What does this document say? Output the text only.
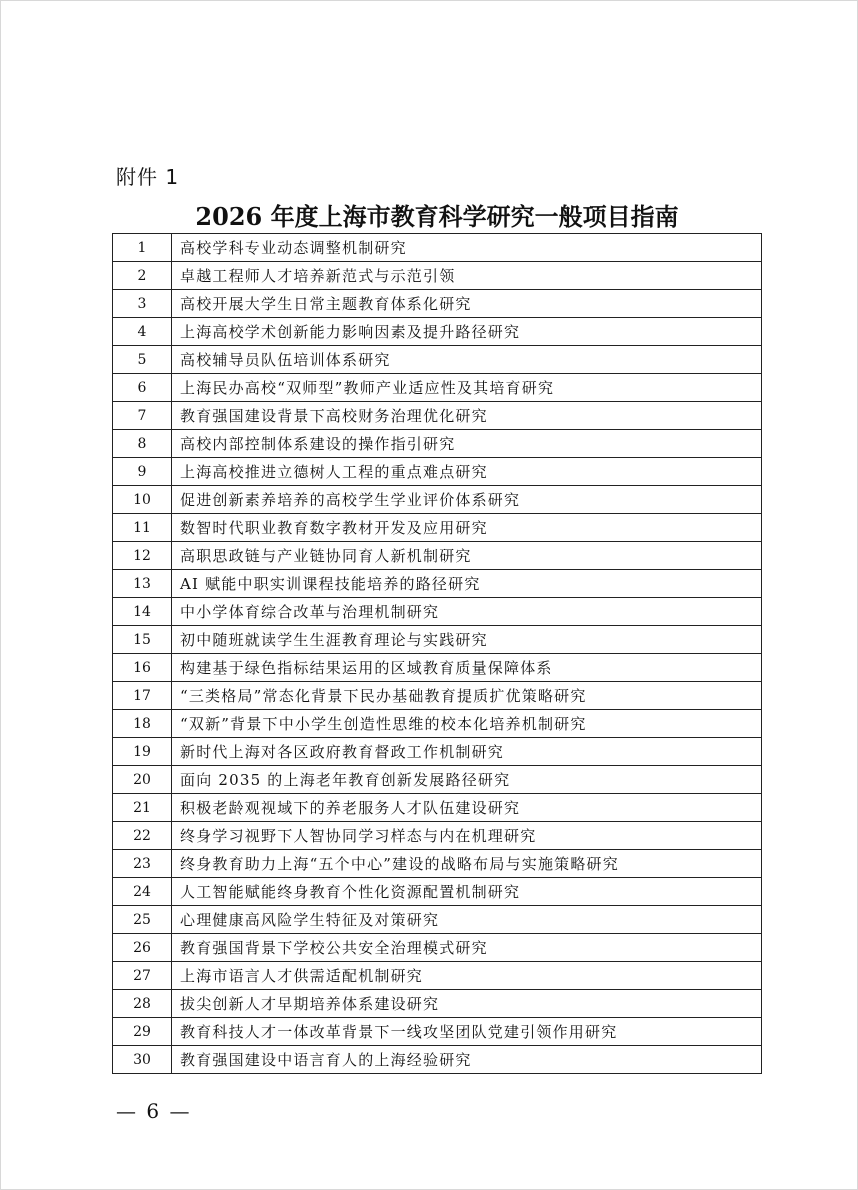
附件 1
2026 年度上海市教育科学研究一般项目指南
1	高校学科专业动态调整机制研究
2	卓越工程师人才培养新范式与示范引领
3	高校开展大学生日常主题教育体系化研究
4	上海高校学术创新能力影响因素及提升路径研究
5	高校辅导员队伍培训体系研究
6	上海民办高校“双师型”教师产业适应性及其培育研究
7	教育强国建设背景下高校财务治理优化研究
8	高校内部控制体系建设的操作指引研究
9	上海高校推进立德树人工程的重点难点研究
10	促进创新素养培养的高校学生学业评价体系研究
11	数智时代职业教育数字教材开发及应用研究
12	高职思政链与产业链协同育人新机制研究
13	AI 赋能中职实训课程技能培养的路径研究
14	中小学体育综合改革与治理机制研究
15	初中随班就读学生生涯教育理论与实践研究
16	构建基于绿色指标结果运用的区域教育质量保障体系
17	“三类格局”常态化背景下民办基础教育提质扩优策略研究
18	“双新”背景下中小学生创造性思维的校本化培养机制研究
19	新时代上海对各区政府教育督政工作机制研究
20	面向 2035 的上海老年教育创新发展路径研究
21	积极老龄观视域下的养老服务人才队伍建设研究
22	终身学习视野下人智协同学习样态与内在机理研究
23	终身教育助力上海“五个中心”建设的战略布局与实施策略研究
24	人工智能赋能终身教育个性化资源配置机制研究
25	心理健康高风险学生特征及对策研究
26	教育强国背景下学校公共安全治理模式研究
27	上海市语言人才供需适配机制研究
28	拔尖创新人才早期培养体系建设研究
29	教育科技人才一体改革背景下一线攻坚团队党建引领作用研究
30	教育强国建设中语言育人的上海经验研究
— 6 —
